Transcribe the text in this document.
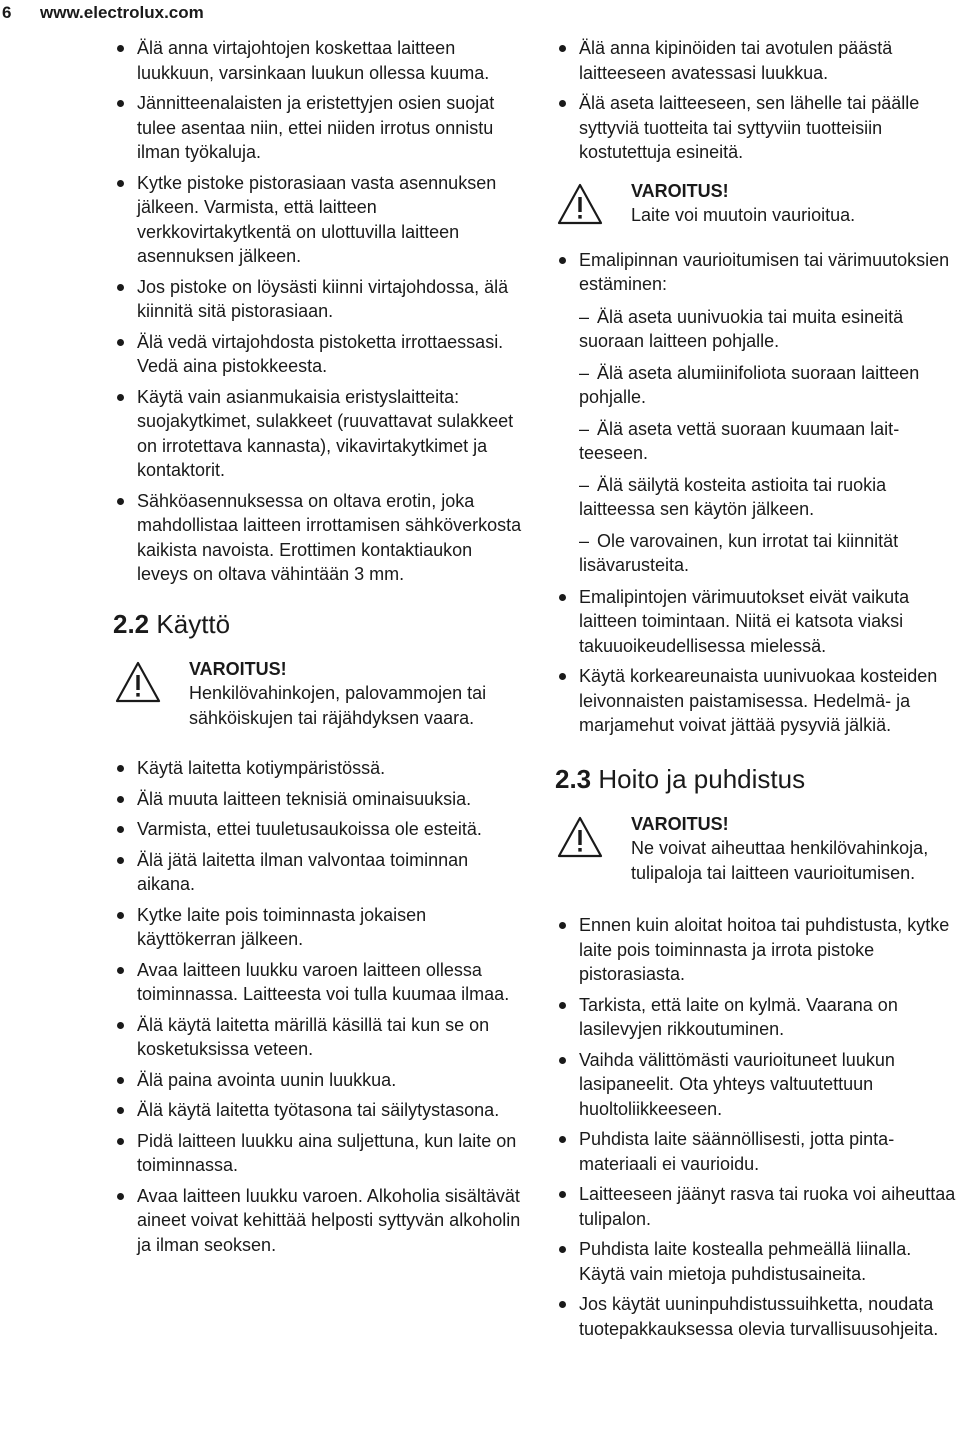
6	www.electrolux.com
Älä anna virtajohtojen koskettaa laitteen luukkuun, varsinkaan luukun ollessa kuuma.
Jännitteenalaisten ja eristettyjen osien suojat tulee asentaa niin, ettei niiden irrotus onnistu ilman työkaluja.
Kytke pistoke pistorasiaan vasta asennuksen jälkeen. Varmista, että laitteen verkkovirtakytkentä on ulottuvilla laitteen asennuksen jälkeen.
Jos pistoke on löysästi kiinni virtajohdossa, älä kiinnitä sitä pistorasiaan.
Älä vedä virtajohdosta pistoketta irrottaessasi. Vedä aina pistokkeesta.
Käytä vain asianmukaisia eristyslaitteita: suojakytkimet, sulakkeet (ruuvattavat sulakkeet on irrotettava kannasta), vikavirtakytkimet ja kontaktorit.
Sähköasennuksessa on oltava erotin, joka mahdollistaa laitteen irrottamisen sähköverkosta kaikista navoista. Erottimen kontaktiaukon leveys on oltava vähintään 3 mm.
2.2 Käyttö
VAROITUS!
Henkilövahinkojen, palovammojen tai sähköiskujen tai räjähdyksen vaara.
Käytä laitetta kotiympäristössä.
Älä muuta laitteen teknisiä ominaisuuksia.
Varmista, ettei tuuletusaukoissa ole esteitä.
Älä jätä laitetta ilman valvontaa toiminnan aikana.
Kytke laite pois toiminnasta jokaisen käyttökerran jälkeen.
Avaa laitteen luukku varoen laitteen ollessa toiminnassa. Laitteesta voi tulla kuumaa ilmaa.
Älä käytä laitetta märillä käsillä tai kun se on kosketuksissa veteen.
Älä paina avointa uunin luukkua.
Älä käytä laitetta työtasona tai säilytystasona.
Pidä laitteen luukku aina suljettuna, kun laite on toiminnassa.
Avaa laitteen luukku varoen. Alkoholia sisältävät aineet voivat kehittää helposti syttyvän alkoholin ja ilman seoksen.
Älä anna kipinöiden tai avotulen päästä laitteeseen avatessasi luukkua.
Älä aseta laitteeseen, sen lähelle tai päälle syttyviä tuotteita tai syttyviin tuotteisiin kostutettuja esineitä.
VAROITUS!
Laite voi muutoin vaurioitua.
Emalipinnan vaurioitumisen tai värimuutoksien estäminen:
– Älä aseta uunivuokia tai muita esineitä suoraan laitteen pohjalle.
– Älä aseta alumiinifoliota suoraan laitteen pohjalle.
– Älä aseta vettä suoraan kuumaan laitteeseen.
– Älä säilytä kosteita astioita tai ruokia laitteessa sen käytön jälkeen.
– Ole varovainen, kun irrotat tai kiinnität lisävarusteita.
Emalipintojen värimuutokset eivät vaikuta laitteen toimintaan. Niitä ei katsota viaksi takuuoikeudellisessa mielessä.
Käytä korkeareunaista uunivuokaa kosteiden leivonnaisten paistamisessa. Hedelmä- ja marjamehut voivat jättää pysyviä jälkiä.
2.3 Hoito ja puhdistus
VAROITUS!
Ne voivat aiheuttaa henkilövahinkoja, tulipaloja tai laitteen vaurioitumisen.
Ennen kuin aloitat hoitoa tai puhdistusta, kytke laite pois toiminnasta ja irrota pistoke pistorasiasta.
Tarkista, että laite on kylmä. Vaarana on lasilevyjen rikkoutuminen.
Vaihda välittömästi vaurioituneet luukun lasipaneelit. Ota yhteys valtuutettuun huoltoliikkeeseen.
Puhdista laite säännöllisesti, jotta pintamateriaali ei vaurioidu.
Laitteeseen jäänyt rasva tai ruoka voi aiheuttaa tulipalon.
Puhdista laite kostealla pehmeällä liinalla. Käytä vain mietoja puhdistusaineita.
Jos käytät uuninpuhdistussuihketta, noudata tuotepakkauksessa olevia turvallisuusohjeita.
